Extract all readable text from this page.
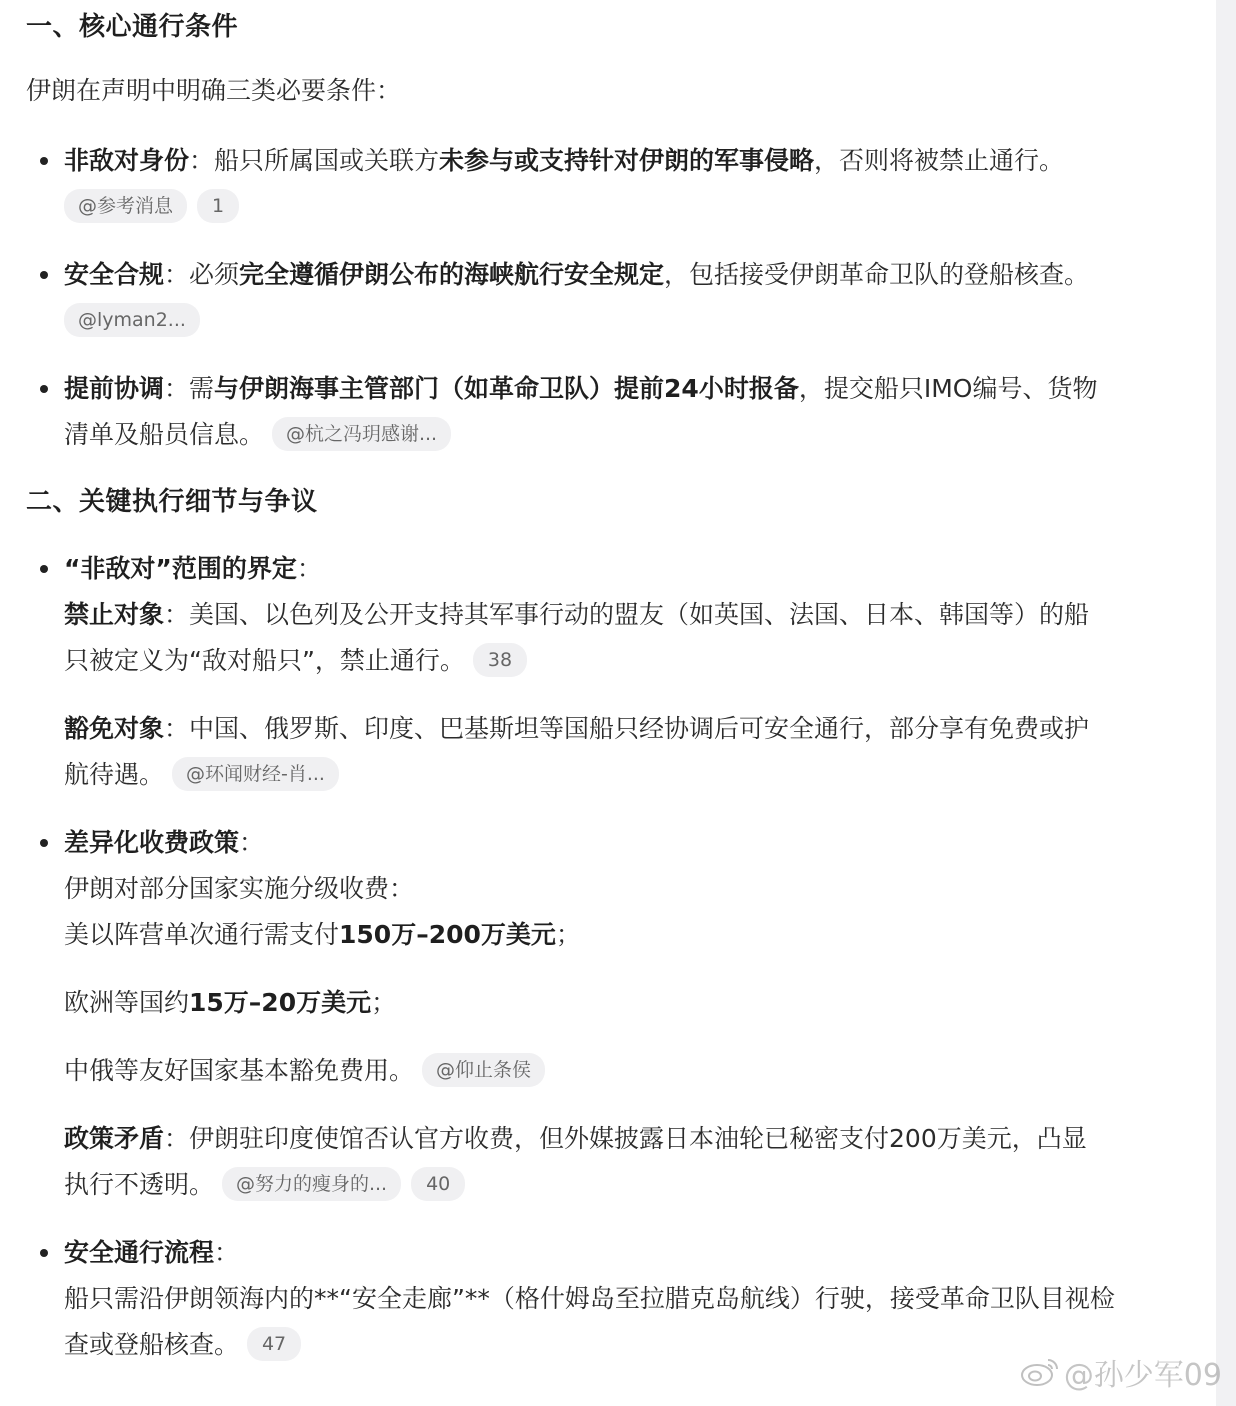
一、核心通行条件

伊朗在声明中明确三类必要条件：

非敌对身份：船只所属国或关联方未参与或支持针对伊朗的军事侵略，否则将被禁止通行。

@参考消息 1

安全合规：必须完全遵循伊朗公布的海峡航行安全规定，包括接受伊朗革命卫队的登船核查。

@lyman2...

提前协调：需与伊朗海事主管部门（如革命卫队）提前24小时报备，提交船只IMO编号、货物

清单及船员信息。 @杭之冯玥感谢...

二、关键执行细节与争议

“非敌对”范围的界定：

禁止对象：美国、以色列及公开支持其军事行动的盟友（如英国、法国、日本、韩国等）的船

只被定义为“敌对船只”，禁止通行。 38

豁免对象：中国、俄罗斯、印度、巴基斯坦等国船只经协调后可安全通行，部分享有免费或护

航待遇。 @环闻财经-肖...

差异化收费政策：

伊朗对部分国家实施分级收费：

美以阵营单次通行需支付150万–200万美元；

欧洲等国约15万–20万美元；

中俄等友好国家基本豁免费用。 @仰止条侯

政策矛盾：伊朗驻印度使馆否认官方收费，但外媒披露日本油轮已秘密支付200万美元，凸显

执行不透明。 @努力的瘦身的... 40

安全通行流程：

船只需沿伊朗领海内的**“安全走廊”**（格什姆岛至拉腊克岛航线）行驶，接受革命卫队目视检

查或登船核查。 47

@孙少军09
